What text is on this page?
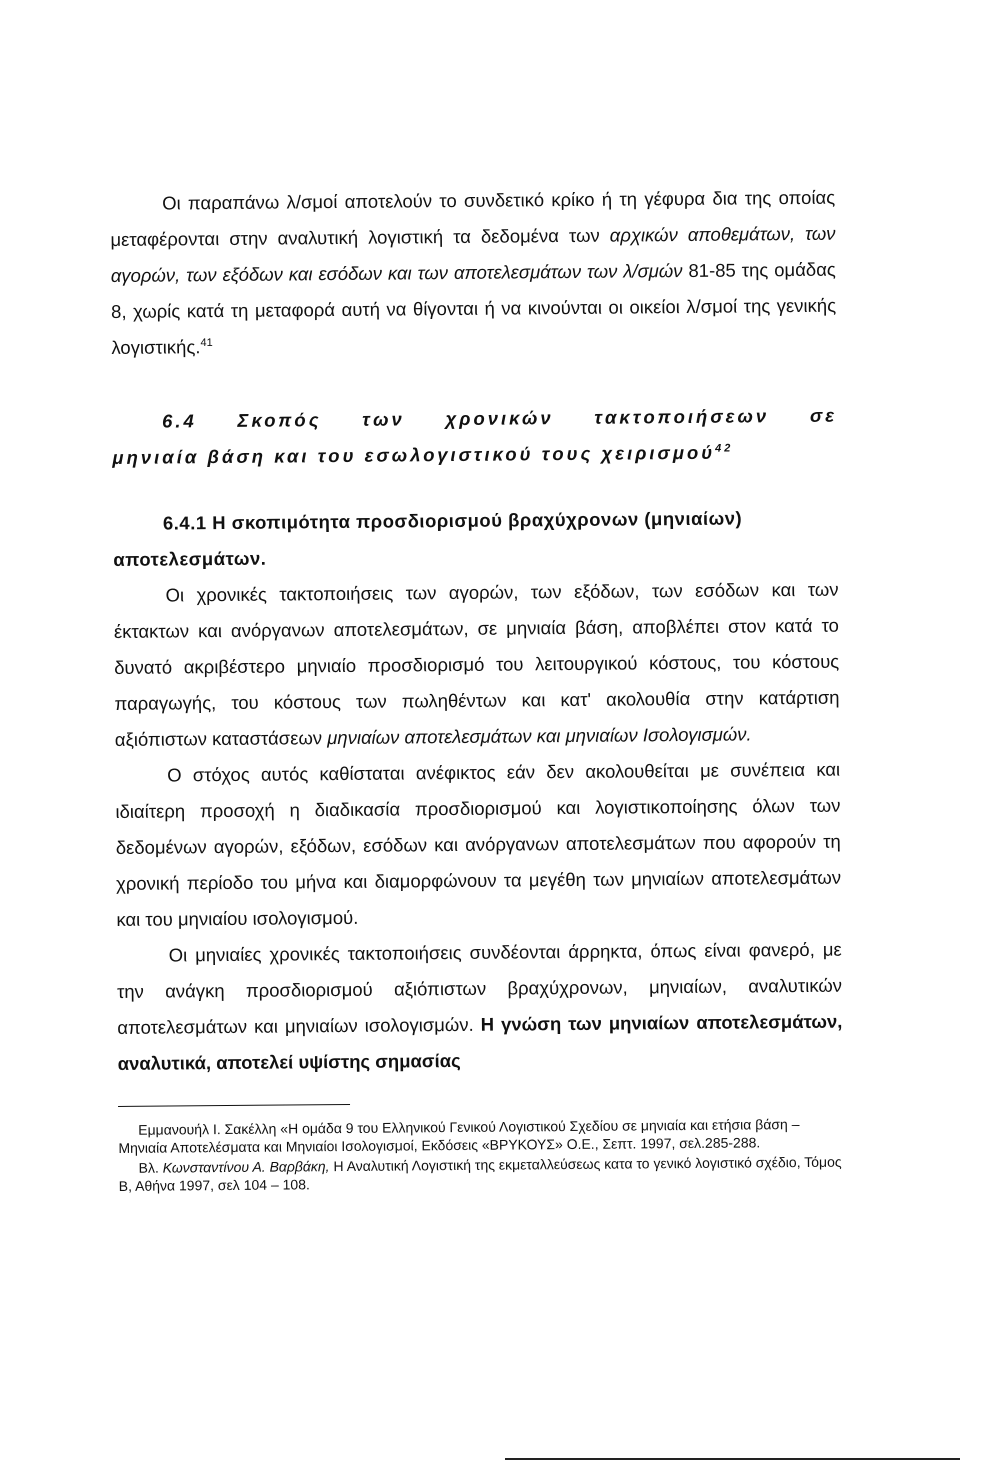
Οι παραπάνω λ/σμοί αποτελούν το συνδετικό κρίκο ή τη γέφυρα δια της οποίας μεταφέρονται στην αναλυτική λογιστική τα δεδομένα των αρχικών αποθεμάτων, των αγορών, των εξόδων και εσόδων και των αποτελεσμάτων των λ/σμών 81-85 της ομάδας 8, χωρίς κατά τη μεταφορά αυτή να θίγονται ή να κινούνται οι οικείοι λ/σμοί της γενικής λογιστικής.$^{41}$

6.4 Σκοπός των χρονικών τακτοποιήσεων σε

μηνιαία βάση και του εσωλογιστικού τους χειρισμού$^{42}$

6.4.1 Η σκοπιμότητα προσδιορισμού βραχύχρονων (μηνιαίων)
αποτελεσμάτων.

Οι χρονικές τακτοποιήσεις των αγορών, των εξόδων, των εσόδων και των έκτακτων και ανόργανων αποτελεσμάτων, σε μηνιαία βάση, αποβλέπει στον κατά το δυνατό ακριβέστερο μηνιαίο προσδιορισμό του λειτουργικού κόστους, του κόστους παραγωγής, του κόστους των πωληθέντων και κατ' ακολουθία στην κατάρτιση αξιόπιστων καταστάσεων μηνιαίων αποτελεσμάτων και μηνιαίων Ισολογισμών.

Ο στόχος αυτός καθίσταται ανέφικτος εάν δεν ακολουθείται με συνέπεια και ιδιαίτερη προσοχή η διαδικασία προσδιορισμού και λογιστικοποίησης όλων των δεδομένων αγορών, εξόδων, εσόδων και ανόργανων αποτελεσμάτων που αφορούν τη χρονική περίοδο του μήνα και διαμορφώνουν τα μεγέθη των μηνιαίων αποτελεσμάτων και του μηνιαίου ισολογισμού.

Οι μηνιαίες χρονικές τακτοποιήσεις συνδέονται άρρηκτα, όπως είναι φανερό, με την ανάγκη προσδιορισμού αξιόπιστων βραχύχρονων, μηνιαίων, αναλυτικών αποτελεσμάτων και μηνιαίων ισολογισμών. Η γνώση των μηνιαίων αποτελεσμάτων, αναλυτικά, αποτελεί υψίστης σημασίας

Εμμανουήλ Ι. Σακέλλη «Η ομάδα 9 του Ελληνικού Γενικού Λογιστικού Σχεδίου σε μηνιαία και ετήσια βάση – Μηνιαία Αποτελέσματα και Μηνιαίοι Ισολογισμοί, Εκδόσεις «ΒΡΥΚΟΥΣ» Ο.Ε., Σεπτ. 1997, σελ.285-288.

Βλ. Κωνσταντίνου Α. Βαρβάκη, Η Αναλυτική Λογιστική της εκμεταλλεύσεως κατα το γενικό λογιστικό σχέδιο, Τόμος Β, Αθήνα 1997, σελ 104 – 108.
